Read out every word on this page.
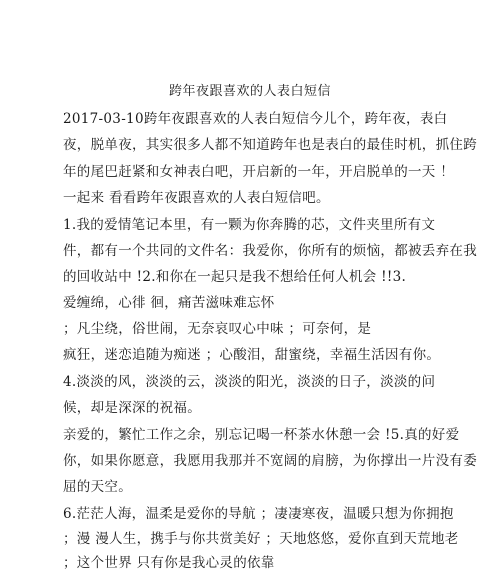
跨年夜跟喜欢的人表白短信
2017-03-10跨年夜跟喜欢的人表白短信今儿个，跨年夜，表白
夜，脱单夜，其实很多人都不知道跨年也是表白的最佳时机，抓住跨
年的尾巴赶紧和女神表白吧，开启新的一年，开启脱单的一天 ！
一起来 看看跨年夜跟喜欢的人表白短信吧。
1.我的爱情笔记本里，有一颗为你奔腾的芯，文件夹里所有文
件，都有一个共同的文件名：我爱你，你所有的烦恼，都被丢弃在我
的回收站中 !2.和你在一起只是我不想给任何人机会 !!3.
爱缠绵，心徘 徊，痛苦滋味难忘怀
；凡尘绕，俗世闹，无奈哀叹心中味 ；可奈何，是
疯狂，迷恋追随为痴迷 ；心酸泪，甜蜜绕，幸福生活因有你。
4.淡淡的风，淡淡的云，淡淡的阳光，淡淡的日子，淡淡的问
候，却是深深的祝福。
亲爱的，繁忙工作之余，别忘记喝一杯茶水休憩一会 !5.真的好爱
你，如果你愿意，我愿用我那并不宽阔的肩膀，为你撑出一片没有委
屈的天空。
6.茫茫人海，温柔是爱你的导航 ；凄凄寒夜，温暖只想为你拥抱
；漫 漫人生，携手与你共赏美好 ；天地悠悠，爱你直到天荒地老
；这个世界 只有你是我心灵的依靠
